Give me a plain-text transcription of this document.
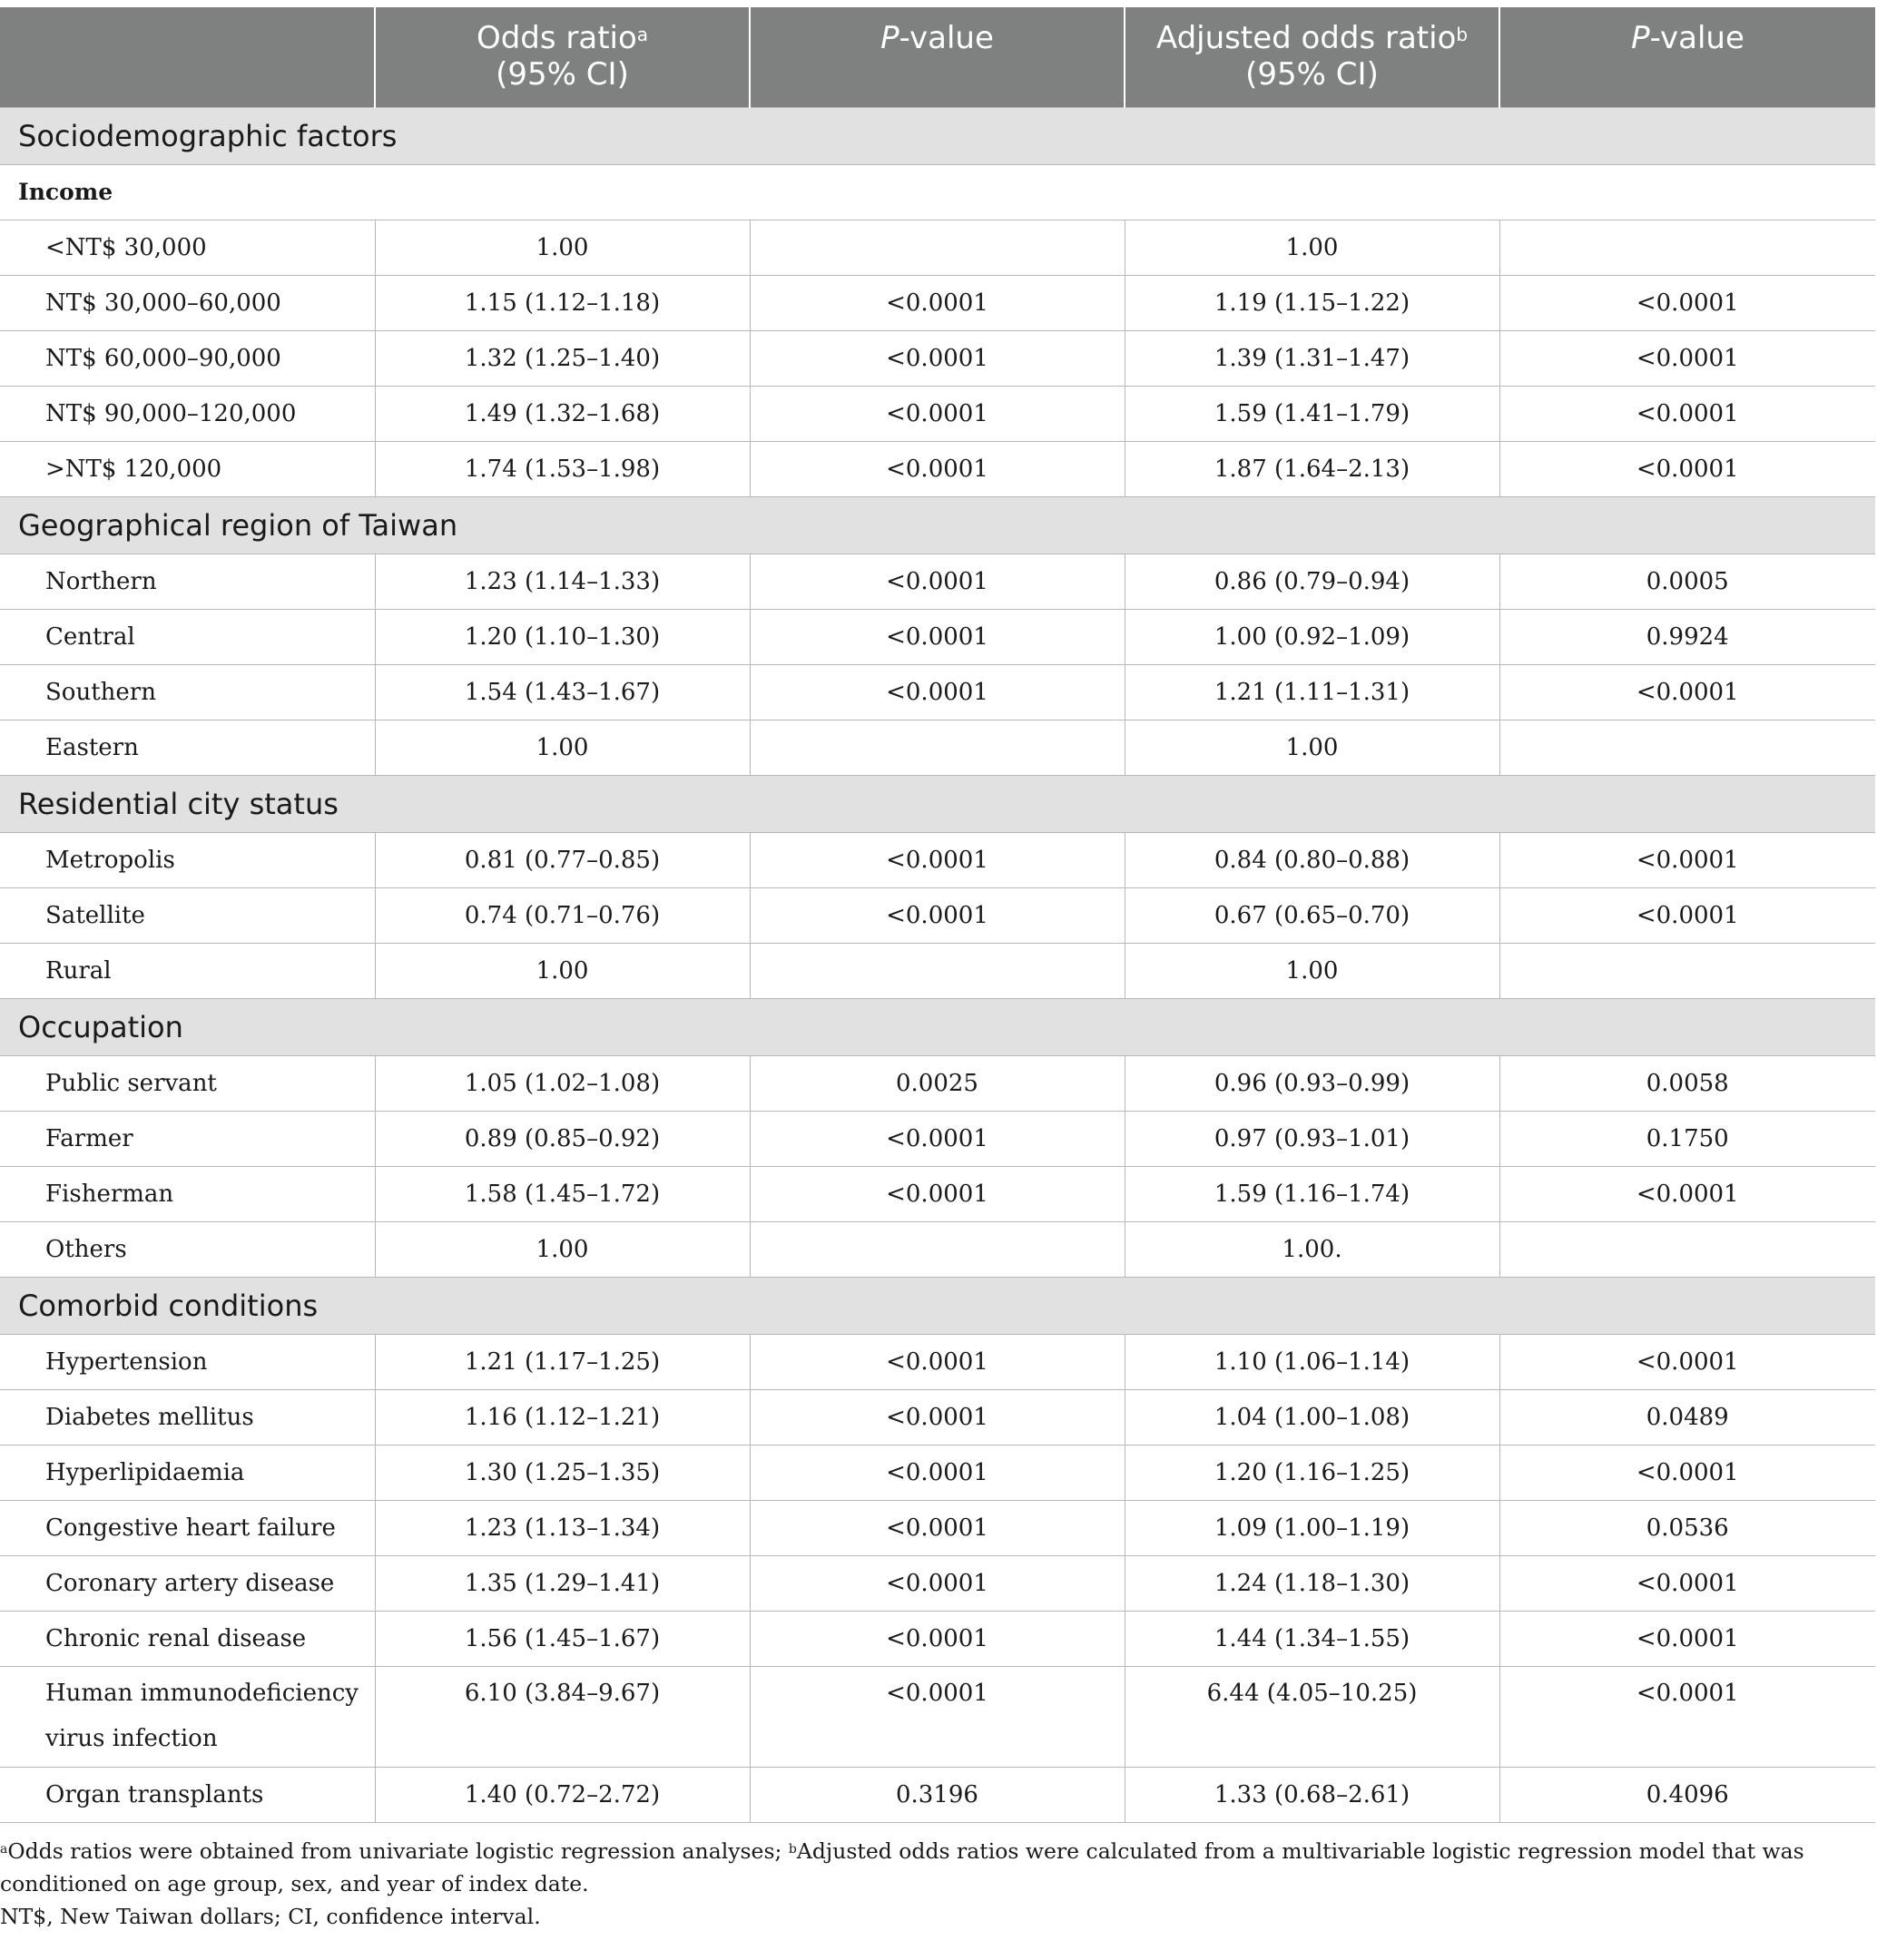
	Odds ratio$^a$
(95% CI)	P-value	Adjusted odds ratio$^b$
(95% CI)	P-value
Sociodemographic factors				
Income				
<NT$ 30,000	1.00		1.00	
NT$ 30,000–60,000	1.15 (1.12–1.18)	<0.0001	1.19 (1.15–1.22)	<0.0001
NT$ 60,000–90,000	1.32 (1.25–1.40)	<0.0001	1.39 (1.31–1.47)	<0.0001
NT$ 90,000–120,000	1.49 (1.32–1.68)	<0.0001	1.59 (1.41–1.79)	<0.0001
>NT$ 120,000	1.74 (1.53–1.98)	<0.0001	1.87 (1.64–2.13)	<0.0001
Geographical region of Taiwan				
Northern	1.23 (1.14–1.33)	<0.0001	0.86 (0.79–0.94)	0.0005
Central	1.20 (1.10–1.30)	<0.0001	1.00 (0.92–1.09)	0.9924
Southern	1.54 (1.43–1.67)	<0.0001	1.21 (1.11–1.31)	<0.0001
Eastern	1.00		1.00	
Residential city status				
Metropolis	0.81 (0.77–0.85)	<0.0001	0.84 (0.80–0.88)	<0.0001
Satellite	0.74 (0.71–0.76)	<0.0001	0.67 (0.65–0.70)	<0.0001
Rural	1.00		1.00	
Occupation				
Public servant	1.05 (1.02–1.08)	0.0025	0.96 (0.93–0.99)	0.0058
Farmer	0.89 (0.85–0.92)	<0.0001	0.97 (0.93–1.01)	0.1750
Fisherman	1.58 (1.45–1.72)	<0.0001	1.59 (1.16–1.74)	<0.0001
Others	1.00		1.00.	
Comorbid conditions				
Hypertension	1.21 (1.17–1.25)	<0.0001	1.10 (1.06–1.14)	<0.0001
Diabetes mellitus	1.16 (1.12–1.21)	<0.0001	1.04 (1.00–1.08)	0.0489
Hyperlipidaemia	1.30 (1.25–1.35)	<0.0001	1.20 (1.16–1.25)	<0.0001
Congestive heart failure	1.23 (1.13–1.34)	<0.0001	1.09 (1.00–1.19)	0.0536
Coronary artery disease	1.35 (1.29–1.41)	<0.0001	1.24 (1.18–1.30)	<0.0001
Chronic renal disease	1.56 (1.45–1.67)	<0.0001	1.44 (1.34–1.55)	<0.0001
Human immunodeficiency virus infection	6.10 (3.84–9.67)	<0.0001	6.44 (4.05–10.25)	<0.0001
Organ transplants	1.40 (0.72–2.72)	0.3196	1.33 (0.68–2.61)	0.4096

$^a$Odds ratios were obtained from univariate logistic regression analyses; $^b$Adjusted odds ratios were calculated from a multivariable logistic regression model that was conditioned on age group, sex, and year of index date.

NT$, New Taiwan dollars; CI, confidence interval.
